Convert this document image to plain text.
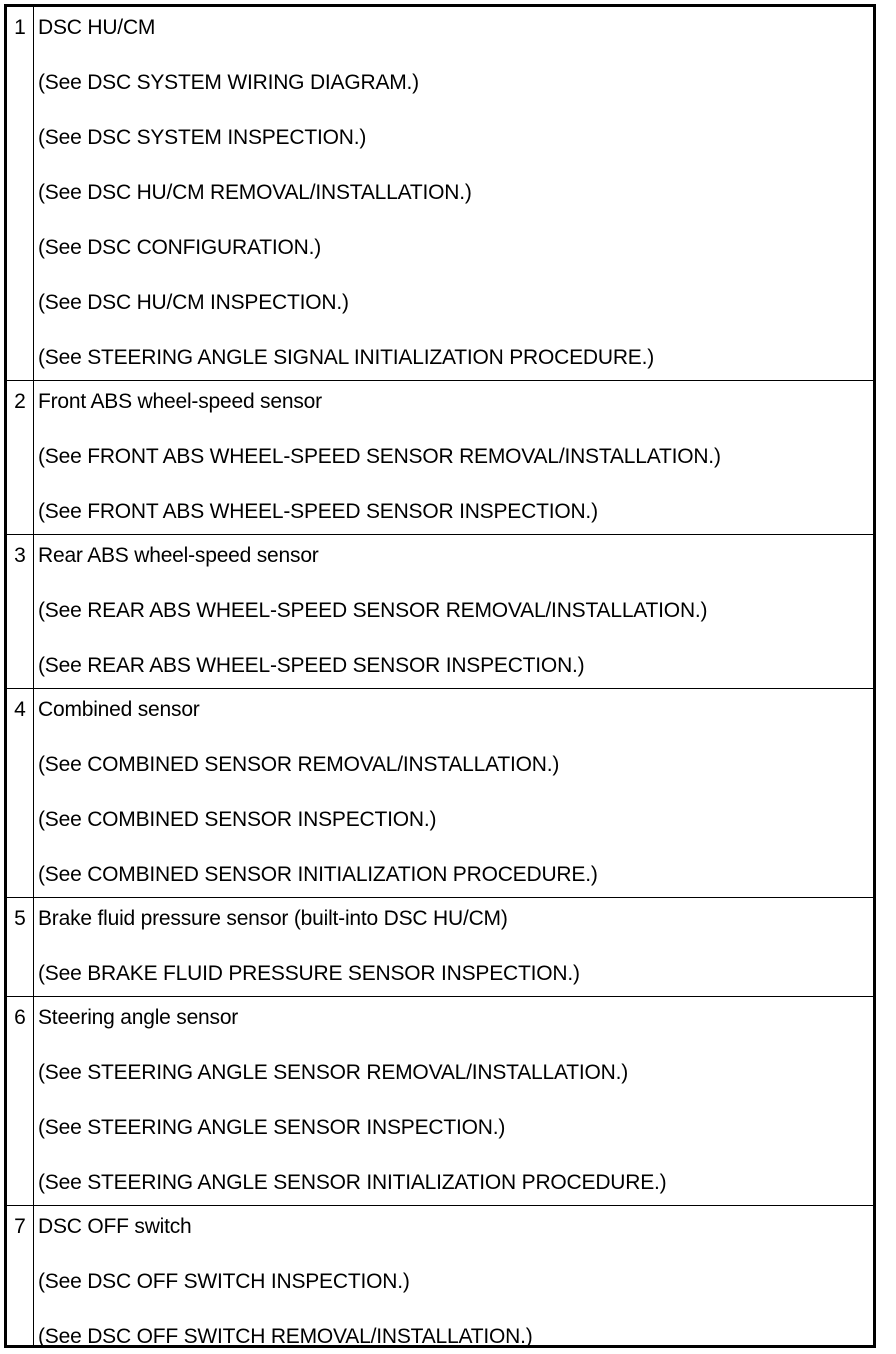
1 DSC HU/CM
(See DSC SYSTEM WIRING DIAGRAM.)
(See DSC SYSTEM INSPECTION.)
(See DSC HU/CM REMOVAL/INSTALLATION.)
(See DSC CONFIGURATION.)
(See DSC HU/CM INSPECTION.)
(See STEERING ANGLE SIGNAL INITIALIZATION PROCEDURE.)
2 Front ABS wheel-speed sensor
(See FRONT ABS WHEEL-SPEED SENSOR REMOVAL/INSTALLATION.)
(See FRONT ABS WHEEL-SPEED SENSOR INSPECTION.)
3 Rear ABS wheel-speed sensor
(See REAR ABS WHEEL-SPEED SENSOR REMOVAL/INSTALLATION.)
(See REAR ABS WHEEL-SPEED SENSOR INSPECTION.)
4 Combined sensor
(See COMBINED SENSOR REMOVAL/INSTALLATION.)
(See COMBINED SENSOR INSPECTION.)
(See COMBINED SENSOR INITIALIZATION PROCEDURE.)
5 Brake fluid pressure sensor (built-into DSC HU/CM)
(See BRAKE FLUID PRESSURE SENSOR INSPECTION.)
6 Steering angle sensor
(See STEERING ANGLE SENSOR REMOVAL/INSTALLATION.)
(See STEERING ANGLE SENSOR INSPECTION.)
(See STEERING ANGLE SENSOR INITIALIZATION PROCEDURE.)
7 DSC OFF switch
(See DSC OFF SWITCH INSPECTION.)
(See DSC OFF SWITCH REMOVAL/INSTALLATION.)
